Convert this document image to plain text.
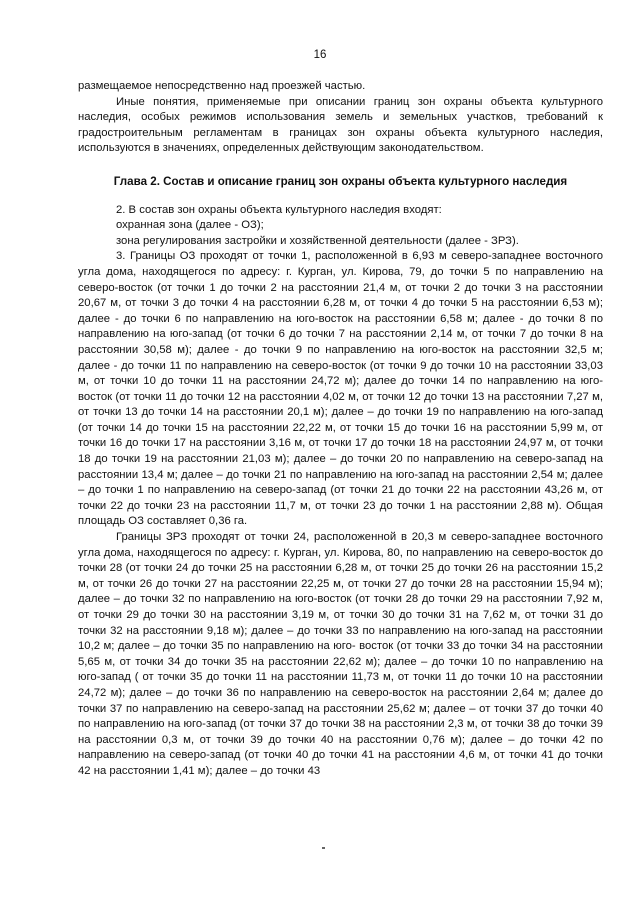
16

размещаемое непосредственно над проезжей частью.

Иные понятия, применяемые при описании границ зон охраны объекта культурного наследия, особых режимов использования земель и земельных участков, требований к градостроительным регламентам в границах зон охраны объекта культурного наследия, используются в значениях, определенных действующим законодательством.

Глава 2. Состав и описание границ зон охраны объекта культурного наследия

2. В состав зон охраны объекта культурного наследия входят:

охранная зона (далее - ОЗ);

зона регулирования застройки и хозяйственной деятельности (далее - ЗРЗ).

3. Границы ОЗ проходят от точки 1, расположенной в 6,93 м северо-западнее восточного угла дома, находящегося по адресу: г. Курган, ул. Кирова, 79, до точки 5 по направлению на северо-восток (от точки 1 до точки 2 на расстоянии 21,4 м, от точки 2 до точки 3 на расстоянии 20,67 м, от точки 3 до точки 4 на расстоянии 6,28 м, от точки 4 до точки 5 на расстоянии 6,53 м); далее - до точки 6 по направлению на юго-восток на расстоянии 6,58 м; далее - до точки 8 по направлению на юго-запад (от точки 6 до точки 7 на расстоянии 2,14 м, от точки 7 до точки 8 на расстоянии 30,58 м); далее - до точки 9 по направлению на юго-восток на расстоянии 32,5 м; далее - до точки 11 по направлению на северо-восток (от точки 9 до точки 10 на расстоянии 33,03 м, от точки 10 до точки 11 на расстоянии 24,72 м); далее до точки 14 по направлению на юго-восток (от точки 11 до точки 12 на расстоянии 4,02 м, от точки 12 до точки 13 на расстоянии 7,27 м, от точки 13 до точки 14 на расстоянии 20,1 м); далее – до точки 19 по направлению на юго-запад (от точки 14 до точки 15 на расстоянии 22,22 м, от точки 15 до точки 16 на расстоянии 5,99 м, от точки 16 до точки 17 на расстоянии 3,16 м, от точки 17 до точки 18 на расстоянии 24,97 м, от точки 18 до точки 19 на расстоянии 21,03 м); далее – до точки 20 по направлению на северо-запад на расстоянии 13,4 м; далее – до точки 21 по направлению на юго-запад на расстоянии 2,54 м; далее – до точки 1 по направлению на северо-запад (от точки 21 до точки 22 на расстоянии 43,26 м, от точки 22 до точки 23 на расстоянии 11,7 м, от точки 23 до точки 1 на расстоянии 2,88 м). Общая площадь ОЗ составляет 0,36 га.

Границы ЗРЗ проходят от точки 24, расположенной в 20,3 м северо-западнее восточного угла дома, находящегося по адресу: г. Курган, ул. Кирова, 80, по направлению на северо-восток до точки 28 (от точки 24 до точки 25 на расстоянии 6,28 м, от точки 25 до точки 26 на расстоянии 15,2 м, от точки 26 до точки 27 на расстоянии 22,25 м, от точки 27 до точки 28 на расстоянии 15,94 м); далее – до точки 32 по направлению на юго-восток (от точки 28 до точки 29 на расстоянии 7,92 м, от точки 29 до точки 30 на расстоянии 3,19 м, от точки 30 до точки 31 на 7,62 м, от точки 31 до точки 32 на расстоянии 9,18 м); далее – до точки 33 по направлению на юго-запад на расстоянии 10,2 м; далее – до точки 35 по направлению на юго- восток (от точки 33 до точки 34 на расстоянии 5,65 м, от точки 34 до точки 35 на расстоянии 22,62 м); далее – до точки 10 по направлению на юго-запад ( от точки 35 до точки 11 на расстоянии 11,73 м, от точки 11 до точки 10 на расстоянии 24,72 м); далее – до точки 36 по направлению на северо-восток на расстоянии 2,64 м; далее до точки 37 по направлению на северо-запад на расстоянии 25,62 м; далее – от точки 37 до точки 40 по направлению на юго-запад (от точки 37 до точки 38 на расстоянии 2,3 м, от точки 38 до точки 39 на расстоянии 0,3 м, от точки 39 до точки 40 на расстоянии 0,76 м); далее – до точки 42 по направлению на северо-запад (от точки 40 до точки 41 на расстоянии 4,6 м, от точки 41 до точки 42 на расстоянии 1,41 м); далее – до точки 43
